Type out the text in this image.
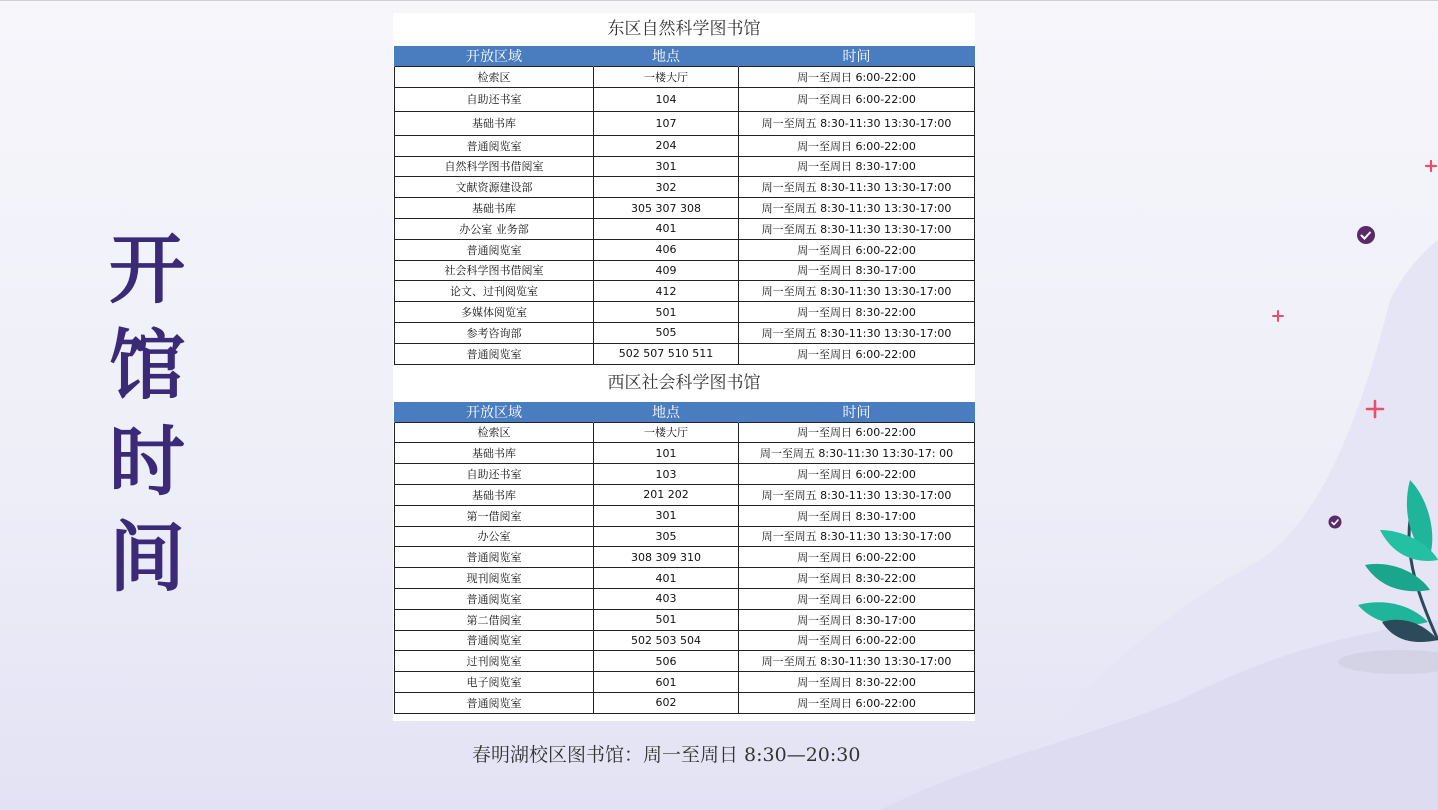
开
馆
时
间
东区自然科学图书馆
开放区域	地点	时间
检索区	一楼大厅	周一至周日 6:00-22:00
自助还书室	104	周一至周日 6:00-22:00
基础书库	107	周一至周五 8:30-11:30 13:30-17:00
普通阅览室	204	周一至周日 6:00-22:00
自然科学图书借阅室	301	周一至周日 8:30-17:00
文献资源建设部	302	周一至周五 8:30-11:30 13:30-17:00
基础书库	305 307 308	周一至周五 8:30-11:30 13:30-17:00
办公室 业务部	401	周一至周五 8:30-11:30 13:30-17:00
普通阅览室	406	周一至周日 6:00-22:00
社会科学图书借阅室	409	周一至周日 8:30-17:00
论文、过刊阅览室	412	周一至周五 8:30-11:30 13:30-17:00
多媒体阅览室	501	周一至周日 8:30-22:00
参考咨询部	505	周一至周五 8:30-11:30 13:30-17:00
普通阅览室	502 507 510 511	周一至周日 6:00-22:00
西区社会科学图书馆
开放区域	地点	时间
检索区	一楼大厅	周一至周日 6:00-22:00
基础书库	101	周一至周五 8:30-11:30 13:30-17: 00
自助还书室	103	周一至周日 6:00-22:00
基础书库	201 202	周一至周五 8:30-11:30 13:30-17:00
第一借阅室	301	周一至周日 8:30-17:00
办公室	305	周一至周五 8:30-11:30 13:30-17:00
普通阅览室	308 309 310	周一至周日 6:00-22:00
现刊阅览室	401	周一至周日 8:30-22:00
普通阅览室	403	周一至周日 6:00-22:00
第二借阅室	501	周一至周日 8:30-17:00
普通阅览室	502 503 504	周一至周日 6:00-22:00
过刊阅览室	506	周一至周五 8:30-11:30 13:30-17:00
电子阅览室	601	周一至周日 8:30-22:00
普通阅览室	602	周一至周日 6:00-22:00
春明湖校区图书馆：周一至周日 8:30—20:30
